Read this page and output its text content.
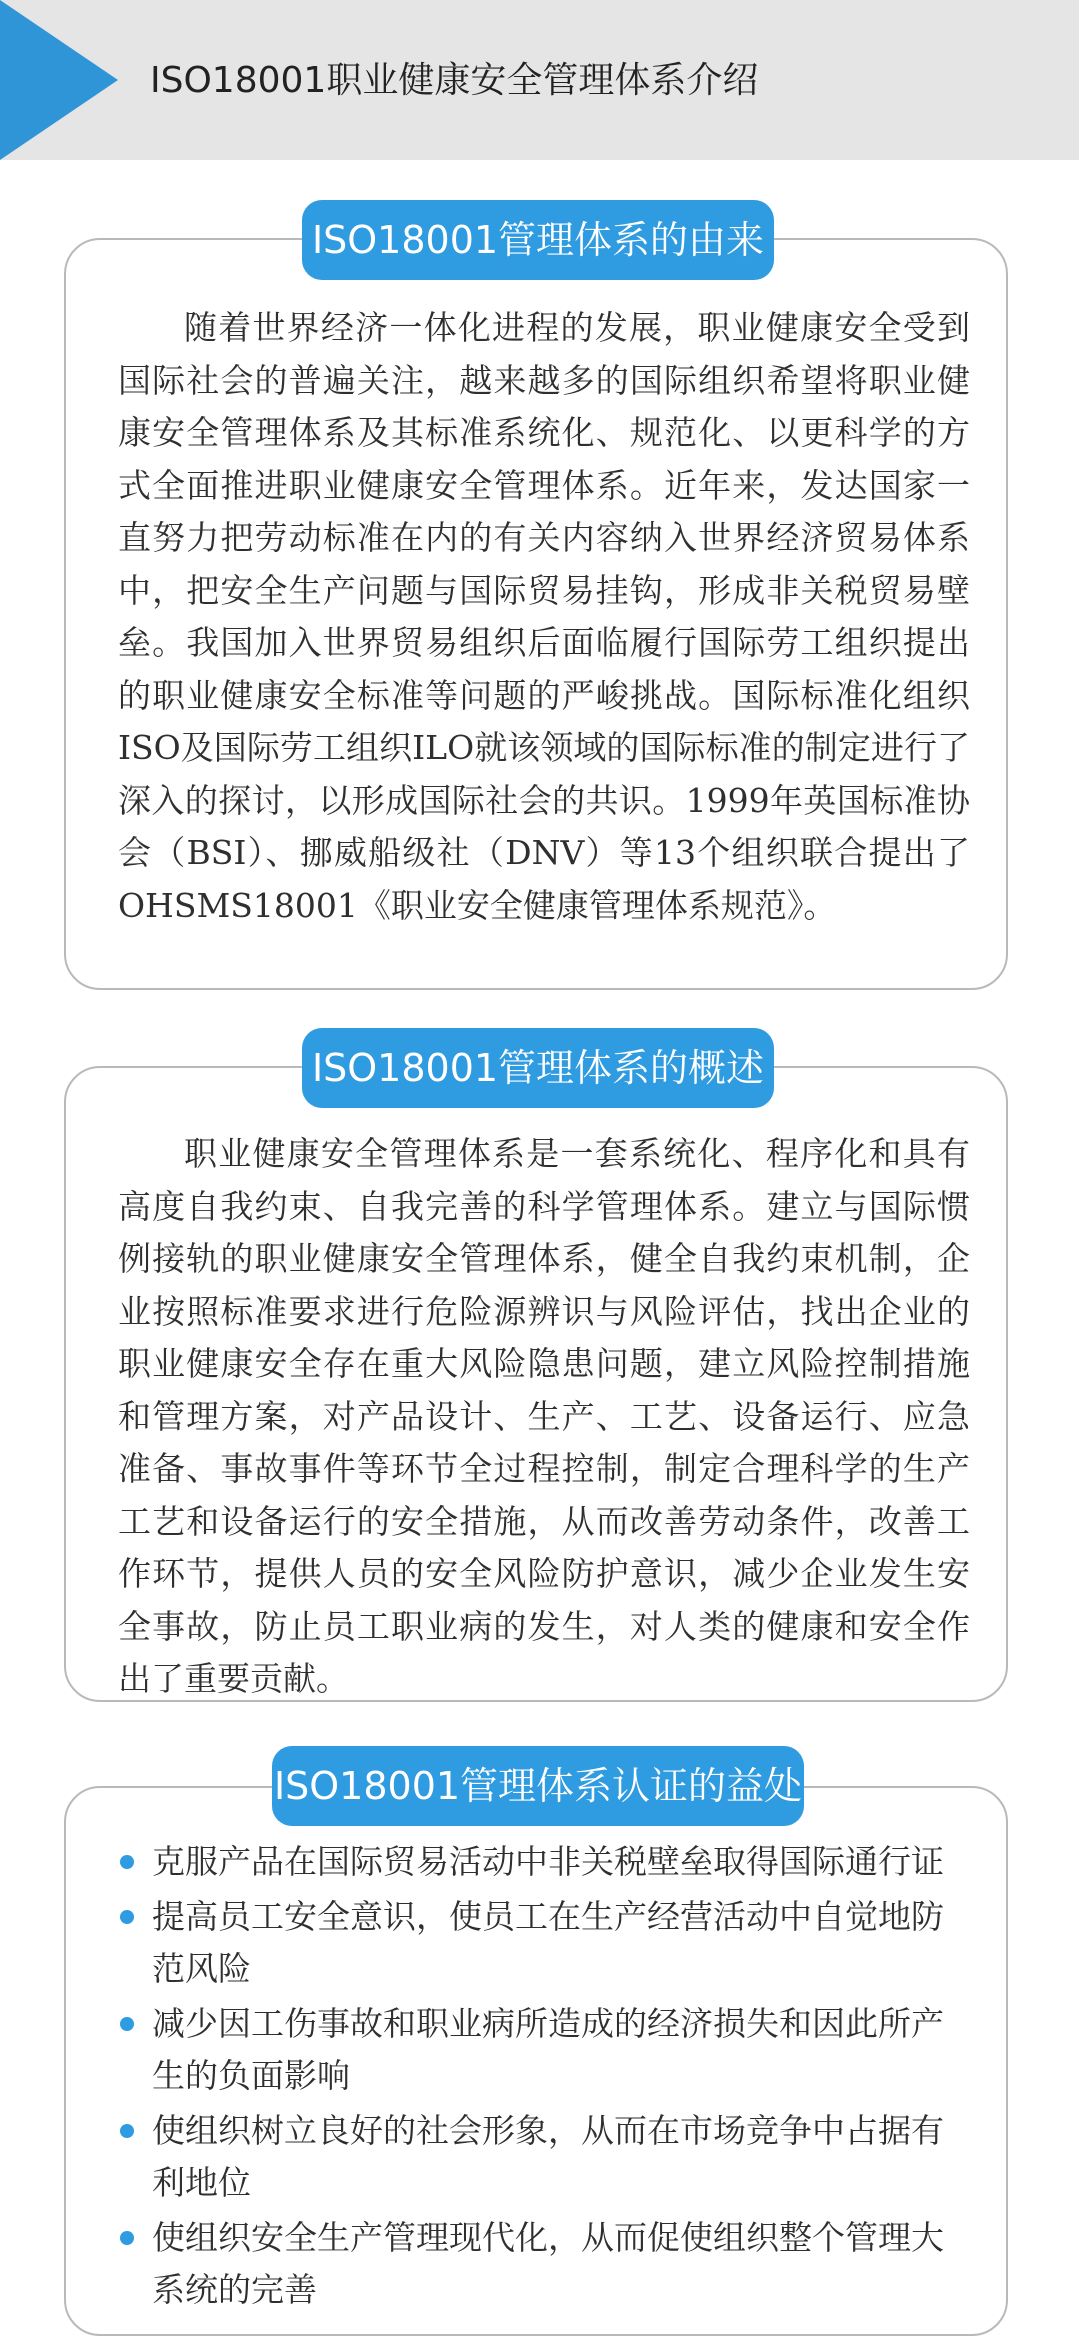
ISO18001职业健康安全管理体系介绍
ISO18001管理体系的由来

随着世界经济一体化进程的发展，职业健康安全受到国际社会的普遍关注，越来越多的国际组织希望将职业健康安全管理体系及其标准系统化、规范化、以更科学的方式全面推进职业健康安全管理体系。近年来，发达国家一直努力把劳动标准在内的有关内容纳入世界经济贸易体系中，把安全生产问题与国际贸易挂钩，形成非关税贸易壁垒。我国加入世界贸易组织后面临履行国际劳工组织提出的职业健康安全标准等问题的严峻挑战。国际标准化组织ISO及国际劳工组织ILO就该领域的国际标准的制定进行了深入的探讨，以形成国际社会的共识。1999年英国标准协会（BSI）、挪威船级社（DNV）等13个组织联合提出了OHSMS18001《职业安全健康管理体系规范》。

ISO18001管理体系的概述

职业健康安全管理体系是一套系统化、程序化和具有高度自我约束、自我完善的科学管理体系。建立与国际惯例接轨的职业健康安全管理体系，健全自我约束机制，企业按照标准要求进行危险源辨识与风险评估，找出企业的职业健康安全存在重大风险隐患问题，建立风险控制措施和管理方案，对产品设计、生产、工艺、设备运行、应急准备、事故事件等环节全过程控制，制定合理科学的生产工艺和设备运行的安全措施，从而改善劳动条件，改善工作环节，提供人员的安全风险防护意识，减少企业发生安全事故，防止员工职业病的发生，对人类的健康和安全作出了重要贡献。

ISO18001管理体系认证的益处
克服产品在国际贸易活动中非关税壁垒取得国际通行证
提高员工安全意识，使员工在生产经营活动中自觉地防范风险
减少因工伤事故和职业病所造成的经济损失和因此所产生的负面影响
使组织树立良好的社会形象，从而在市场竞争中占据有利地位
使组织安全生产管理现代化，从而促使组织整个管理大系统的完善
